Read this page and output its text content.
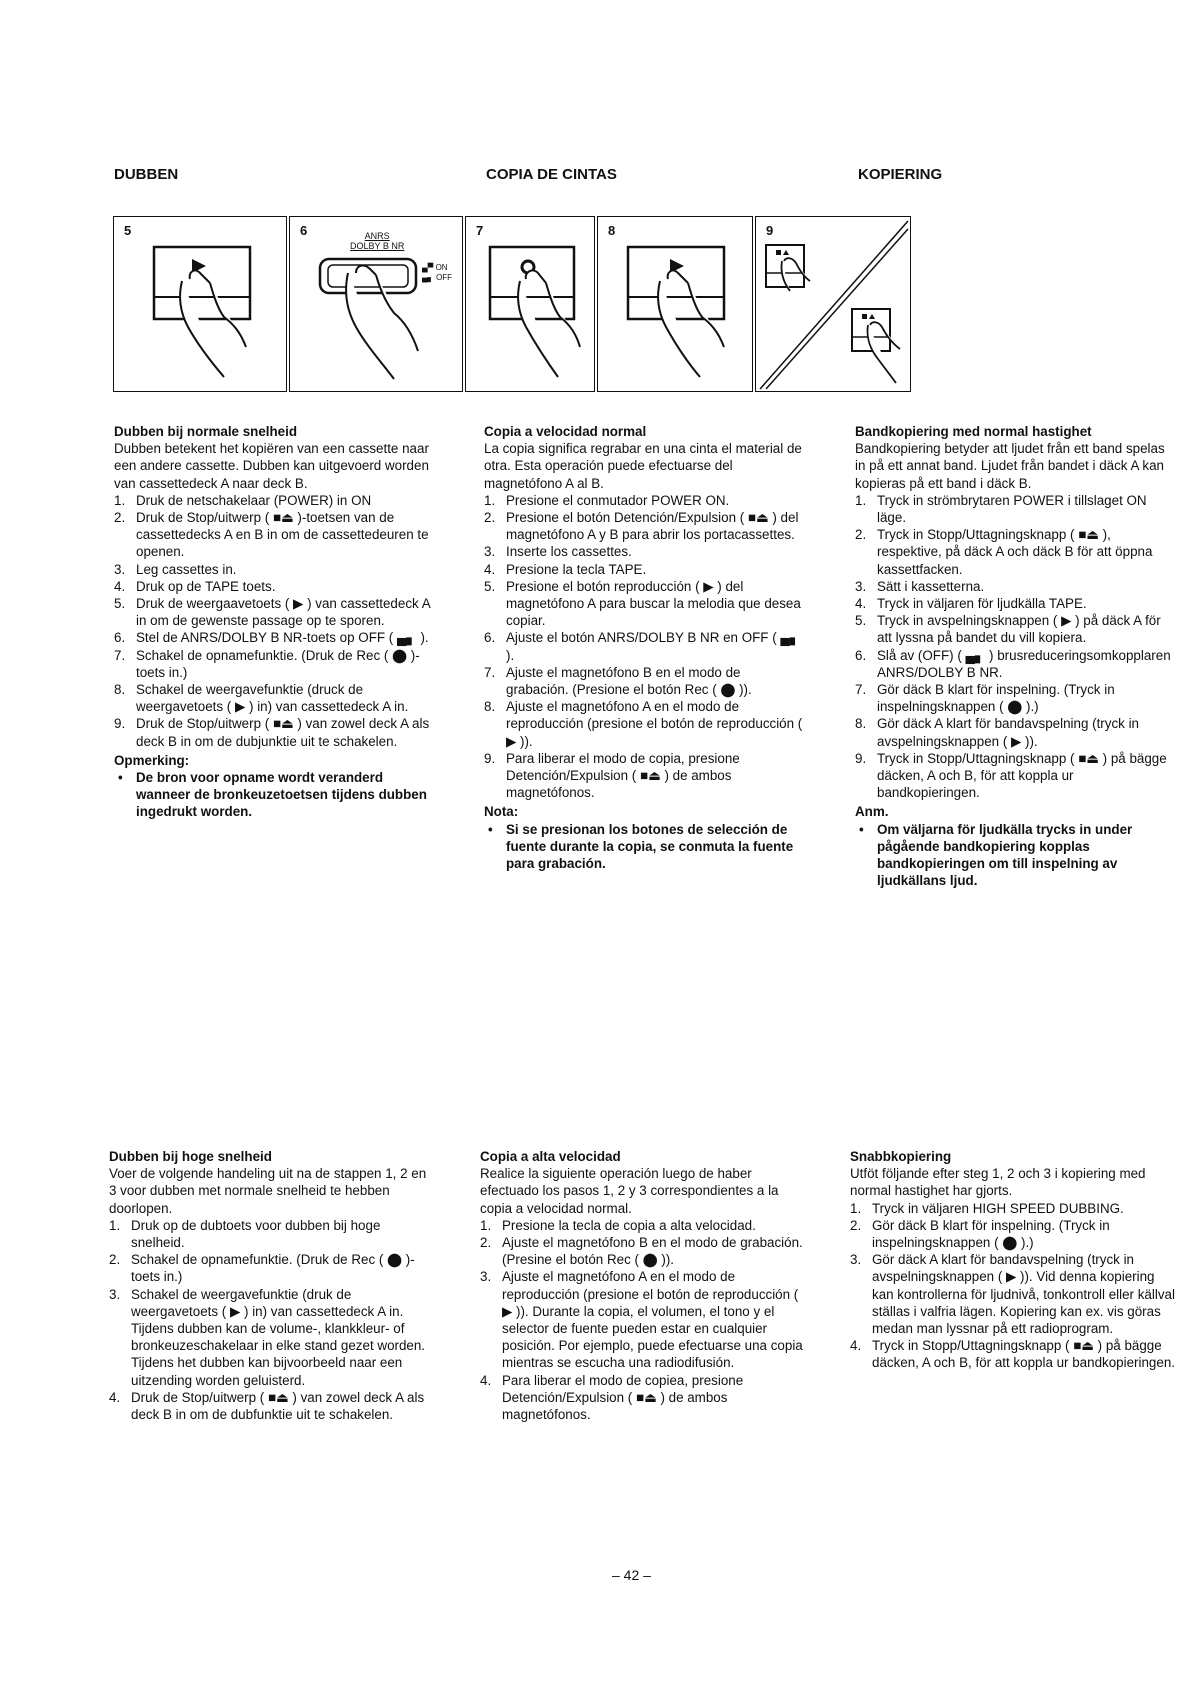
DUBBEN	COPIA DE CINTAS	KOPIERING
5	6	ANRS
DOLBY B NR
▄▀ ON
▄▖ OFF
7	8	9
Dubben bij normale snelheid

Dubben betekent het kopiëren van een cassette naar een andere cassette. Dubben kan uitgevoerd worden van cassettedeck A naar deck B.

1. Druk de netschakelaar (POWER) in ON
2. Druk de Stop/uitwerp ( ■⏏ )-toetsen van de cassettedecks A en B in om de cassettedeuren te openen.
3. Leg cassettes in.
4. Druk op de TAPE toets.
5. Druk de weergaavetoets ( ▶ ) van cassettedeck A in om de gewenste passage op te sporen.
6. Stel de ANRS/DOLBY B NR-toets op OFF ( ▄▖ ).
7. Schakel de opnamefunktie. (Druk de Rec ( ⬤ )-toets in.)
8. Schakel de weergavefunktie (druck de weergavetoets ( ▶ ) in) van cassettedeck A in.
9. Druk de Stop/uitwerp ( ■⏏ ) van zowel deck A als deck B in om de dubjunktie uit te schakelen.
Opmerking:
• De bron voor opname wordt veranderd wanneer de bronkeuzetoetsen tijdens dubben ingedrukt worden.
Copia a velocidad normal

La copia significa regrabar en una cinta el material de otra. Esta operación puede efectuarse del magnetófono A al B.

1. Presione el conmutador POWER ON.
2. Presione el botón Detención/Expulsion ( ■⏏ ) del magnetófono A y B para abrir los portacassettes.
3. Inserte los cassettes.
4. Presione la tecla TAPE.
5. Presione el botón reproducción ( ▶ ) del magnetófono A para buscar la melodia que desea copiar.
6. Ajuste el botón ANRS/DOLBY B NR en OFF ( ▄▖ ).
7. Ajuste el magnetófono B en el modo de grabación. (Presione el botón Rec ( ⬤ )).
8. Ajuste el magnetófono A en el modo de reproducción (presione el botón de reproducción ( ▶ )).
9. Para liberar el modo de copia, presione Detención/Expulsion ( ■⏏ ) de ambos magnetófonos.
Nota:
• Si se presionan los botones de selección de fuente durante la copia, se conmuta la fuente para grabación.
Bandkopiering med normal hastighet

Bandkopiering betyder att ljudet från ett band spelas in på ett annat band. Ljudet från bandet i däck A kan kopieras på ett band i däck B.

1. Tryck in strömbrytaren POWER i tillslaget ON läge.
2. Tryck in Stopp/Uttagningsknapp ( ■⏏ ), respektive, på däck A och däck B för att öppna kassettfacken.
3. Sätt i kassetterna.
4. Tryck in väljaren för ljudkälla TAPE.
5. Tryck in avspelningsknappen ( ▶ ) på däck A för att lyssna på bandet du vill kopiera.
6. Slå av (OFF) ( ▄▖ ) brusreduceringsomkopplaren ANRS/DOLBY B NR.
7. Gör däck B klart för inspelning. (Tryck in inspelningsknappen ( ⬤ ).)
8. Gör däck A klart för bandavspelning (tryck in avspelningsknappen ( ▶ )).
9. Tryck in Stopp/Uttagningsknapp ( ■⏏ ) på bägge däcken, A och B, för att koppla ur bandkopieringen.
Anm.
• Om väljarna för ljudkälla trycks in under pågående bandkopiering kopplas bandkopieringen om till inspelning av ljudkällans ljud.
Dubben bij hoge snelheid

Voer de volgende handeling uit na de stappen 1, 2 en 3 voor dubben met normale snelheid te hebben doorlopen.

1. Druk op de dubtoets voor dubben bij hoge snelheid.
2. Schakel de opnamefunktie. (Druk de Rec ( ⬤ )-toets in.)
3. Schakel de weergavefunktie (druk de weergavetoets ( ▶ ) in) van cassettedeck A in. Tijdens dubben kan de volume-, klankkleur- of bronkeuzeschakelaar in elke stand gezet worden. Tijdens het dubben kan bijvoorbeeld naar een uitzending worden geluisterd.
4. Druk de Stop/uitwerp ( ■⏏ ) van zowel deck A als deck B in om de dubfunktie uit te schakelen.
Copia a alta velocidad

Realice la siguiente operación luego de haber efectuado los pasos 1, 2 y 3 correspondientes a la copia a velocidad normal.

1. Presione la tecla de copia a alta velocidad.
2. Ajuste el magnetófono B en el modo de grabación. (Presine el botón Rec ( ⬤ )).
3. Ajuste el magnetófono A en el modo de reproducción (presione el botón de reproducción ( ▶ )). Durante la copia, el volumen, el tono y el selector de fuente pueden estar en cualquier posición. Por ejemplo, puede efectuarse una copia mientras se escucha una radiodifusión.
4. Para liberar el modo de copiea, presione Detención/Expulsion ( ■⏏ ) de ambos magnetófonos.
Snabbkopiering

Utföt följande efter steg 1, 2 och 3 i kopiering med normal hastighet har gjorts.

1. Tryck in väljaren HIGH SPEED DUBBING.
2. Gör däck B klart för inspelning. (Tryck in inspelningsknappen ( ⬤ ).)
3. Gör däck A klart för bandavspelning (tryck in avspelningsknappen ( ▶ )). Vid denna kopiering kan kontrollerna för ljudnivå, tonkontroll eller källval ställas i valfria lägen. Kopiering kan ex. vis göras medan man lyssnar på ett radioprogram.
4. Tryck in Stopp/Uttagningsknapp ( ■⏏ ) på bägge däcken, A och B, för att koppla ur bandkopieringen.
– 42 –
